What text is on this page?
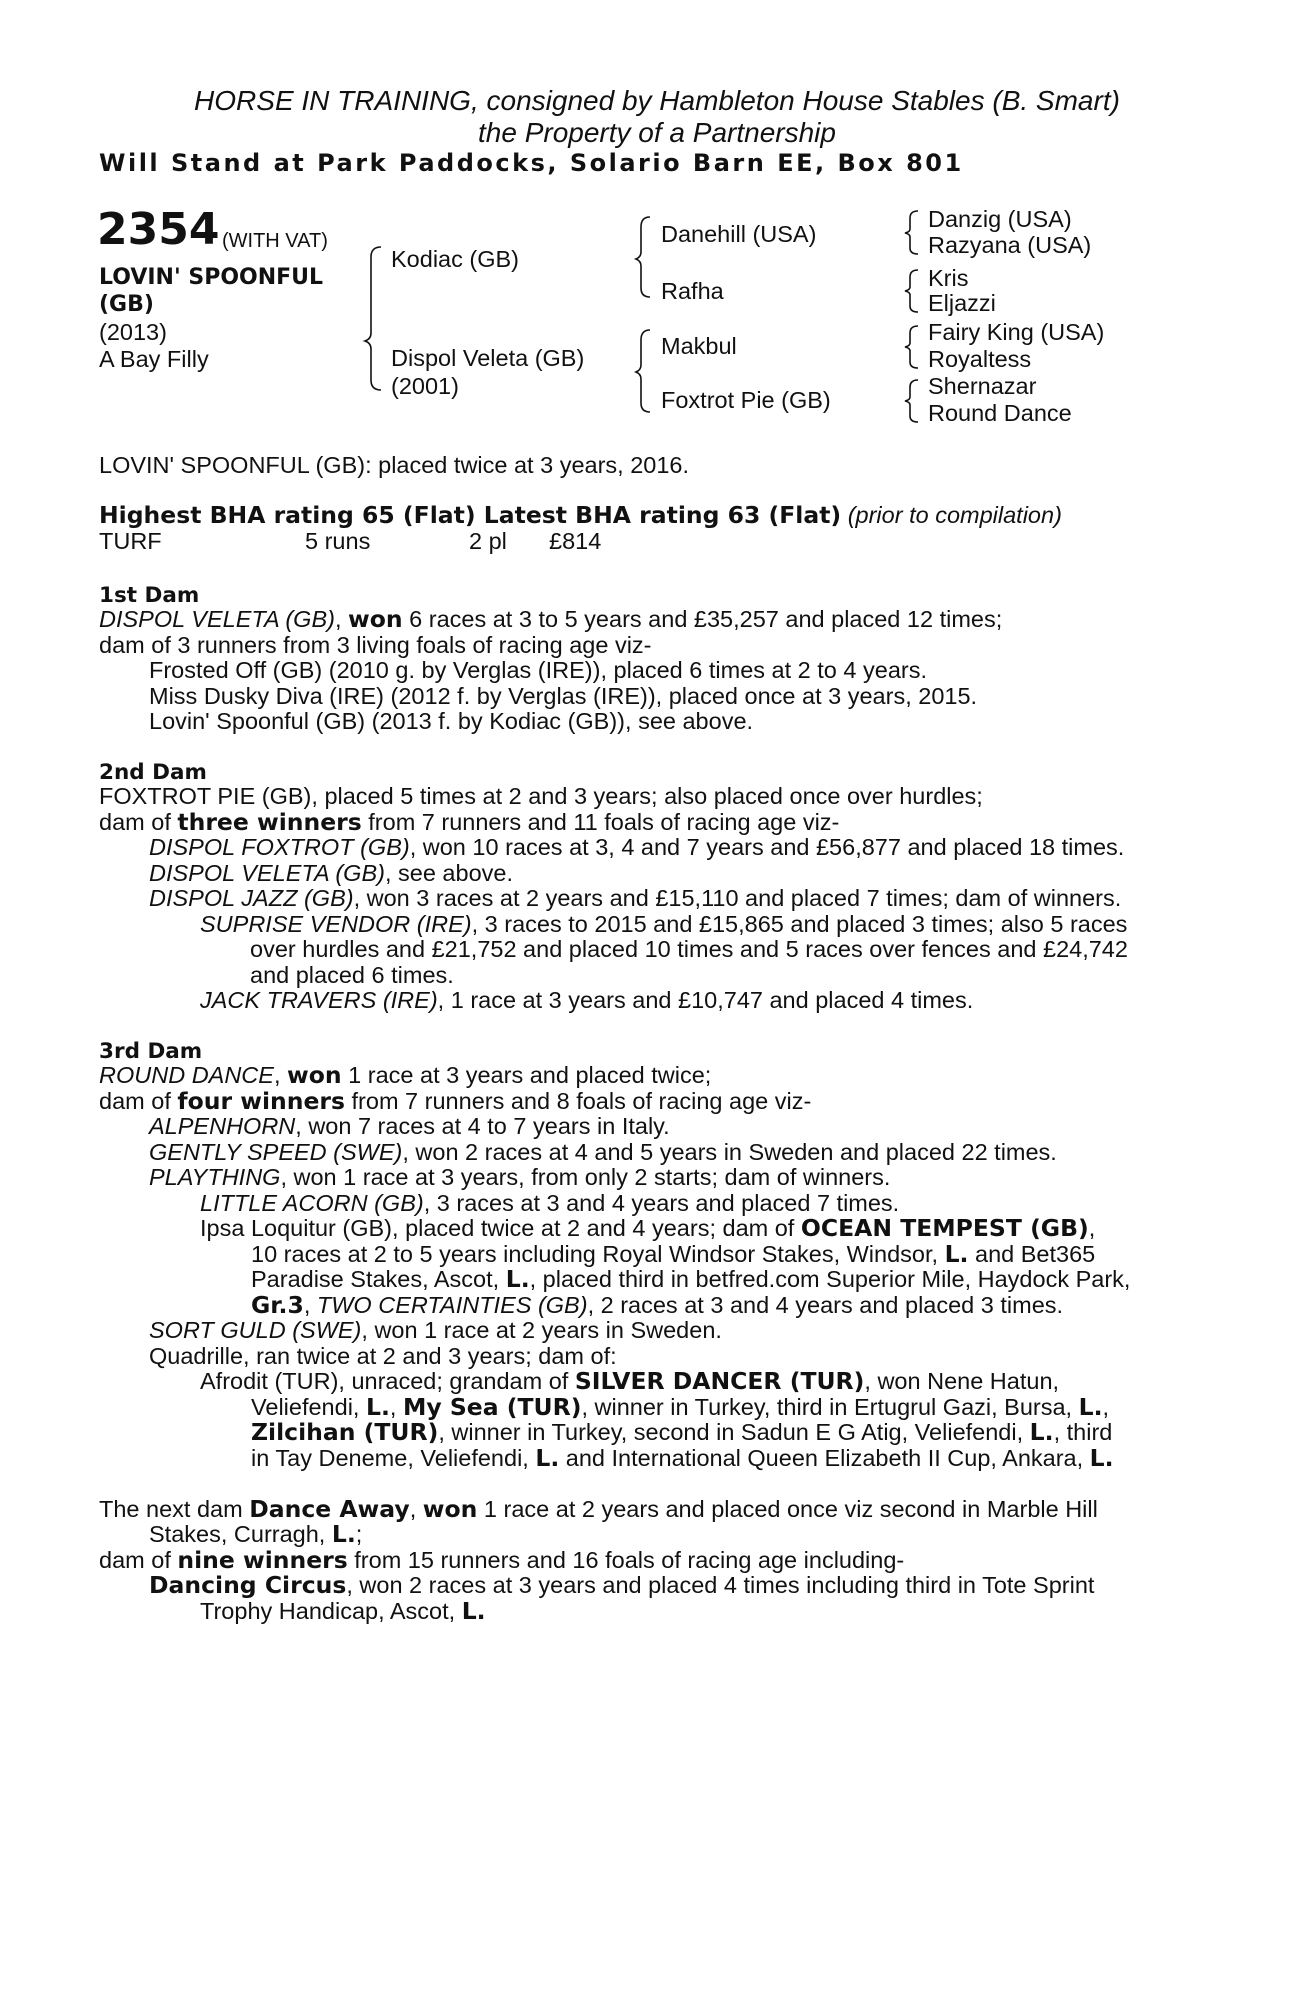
HORSE IN TRAINING, consigned by Hambleton House Stables (B. Smart)
the Property of a Partnership
Will Stand at Park Paddocks, Solario Barn EE, Box 801
2354 (WITH VAT)
LOVIN' SPOONFUL
(GB)
(2013)
A Bay Filly
Kodiac (GB)
Dispol Veleta (GB)
(2001)
Danehill (USA)
Rafha
Makbul
Foxtrot Pie (GB)
Danzig (USA)
Razyana (USA)
Kris
Eljazzi
Fairy King (USA)
Royaltess
Shernazar
Round Dance
LOVIN' SPOONFUL (GB): placed twice at 3 years, 2016.
Highest BHA rating 65 (Flat) Latest BHA rating 63 (Flat) (prior to compilation)
TURF	5 runs	2 pl £814
1st Dam
DISPOL VELETA (GB), won 6 races at 3 to 5 years and £35,257 and placed 12 times;
dam of 3 runners from 3 living foals of racing age viz-
Frosted Off (GB) (2010 g. by Verglas (IRE)), placed 6 times at 2 to 4 years.
Miss Dusky Diva (IRE) (2012 f. by Verglas (IRE)), placed once at 3 years, 2015.
Lovin' Spoonful (GB) (2013 f. by Kodiac (GB)), see above.
2nd Dam
FOXTROT PIE (GB), placed 5 times at 2 and 3 years; also placed once over hurdles;
dam of three winners from 7 runners and 11 foals of racing age viz-
DISPOL FOXTROT (GB), won 10 races at 3, 4 and 7 years and £56,877 and placed 18 times.
DISPOL VELETA (GB), see above.
DISPOL JAZZ (GB), won 3 races at 2 years and £15,110 and placed 7 times; dam of winners.
SUPRISE VENDOR (IRE), 3 races to 2015 and £15,865 and placed 3 times; also 5 races
over hurdles and £21,752 and placed 10 times and 5 races over fences and £24,742
and placed 6 times.
JACK TRAVERS (IRE), 1 race at 3 years and £10,747 and placed 4 times.
3rd Dam
ROUND DANCE, won 1 race at 3 years and placed twice;
dam of four winners from 7 runners and 8 foals of racing age viz-
ALPENHORN, won 7 races at 4 to 7 years in Italy.
GENTLY SPEED (SWE), won 2 races at 4 and 5 years in Sweden and placed 22 times.
PLAYTHING, won 1 race at 3 years, from only 2 starts; dam of winners.
LITTLE ACORN (GB), 3 races at 3 and 4 years and placed 7 times.
Ipsa Loquitur (GB), placed twice at 2 and 4 years; dam of OCEAN TEMPEST (GB),
10 races at 2 to 5 years including Royal Windsor Stakes, Windsor, L. and Bet365
Paradise Stakes, Ascot, L., placed third in betfred.com Superior Mile, Haydock Park,
Gr.3, TWO CERTAINTIES (GB), 2 races at 3 and 4 years and placed 3 times.
SORT GULD (SWE), won 1 race at 2 years in Sweden.
Quadrille, ran twice at 2 and 3 years; dam of:
Afrodit (TUR), unraced; grandam of SILVER DANCER (TUR), won Nene Hatun,
Veliefendi, L., My Sea (TUR), winner in Turkey, third in Ertugrul Gazi, Bursa, L.,
Zilcihan (TUR), winner in Turkey, second in Sadun E G Atig, Veliefendi, L., third
in Tay Deneme, Veliefendi, L. and International Queen Elizabeth II Cup, Ankara, L.
The next dam Dance Away, won 1 race at 2 years and placed once viz second in Marble Hill
Stakes, Curragh, L.;
dam of nine winners from 15 runners and 16 foals of racing age including-
Dancing Circus, won 2 races at 3 years and placed 4 times including third in Tote Sprint
Trophy Handicap, Ascot, L.
